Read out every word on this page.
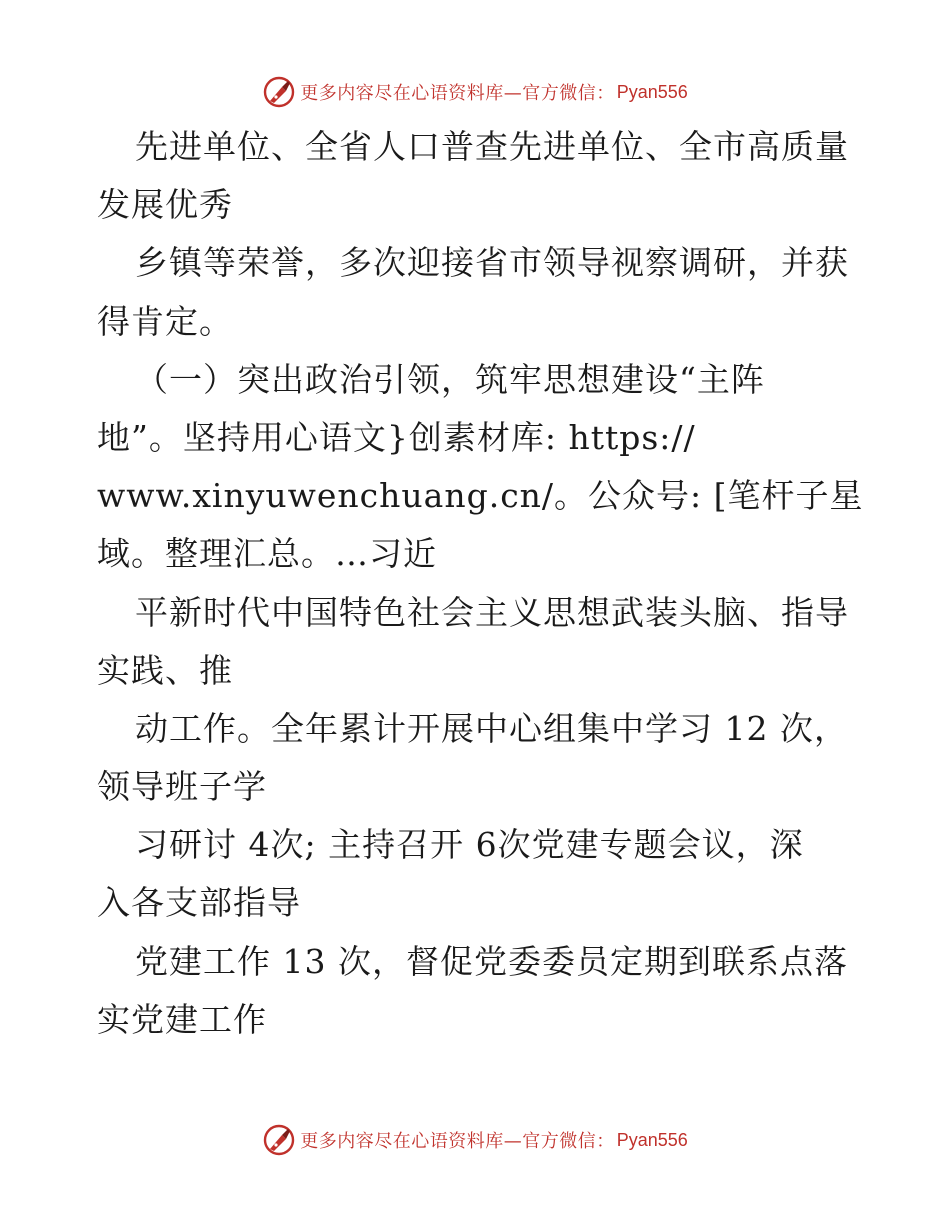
更多内容尽在心语资料库—官方微信： Pyan556
先进单位、全省人口普查先进单位、全市高质量
发展优秀
乡镇等荣誉，多次迎接省市领导视察调研，并获
得肯定。
（一）突出政治引领，筑牢思想建设“主阵
地”。坚持用心语文}创素材库: https://
www.xinyuwenchuang.cn/。公众号: [笔杆子星
域。整理汇总。…习近
平新时代中国特色社会主义思想武装头脑、指导
实践、推
动工作。全年累计开展中心组集中学习 12 次，
领导班子学
习研讨 4次; 主持召开 6次党建专题会议，深
入各支部指导
党建工作 13 次，督促党委委员定期到联系点落
实党建工作
更多内容尽在心语资料库—官方微信： Pyan556
